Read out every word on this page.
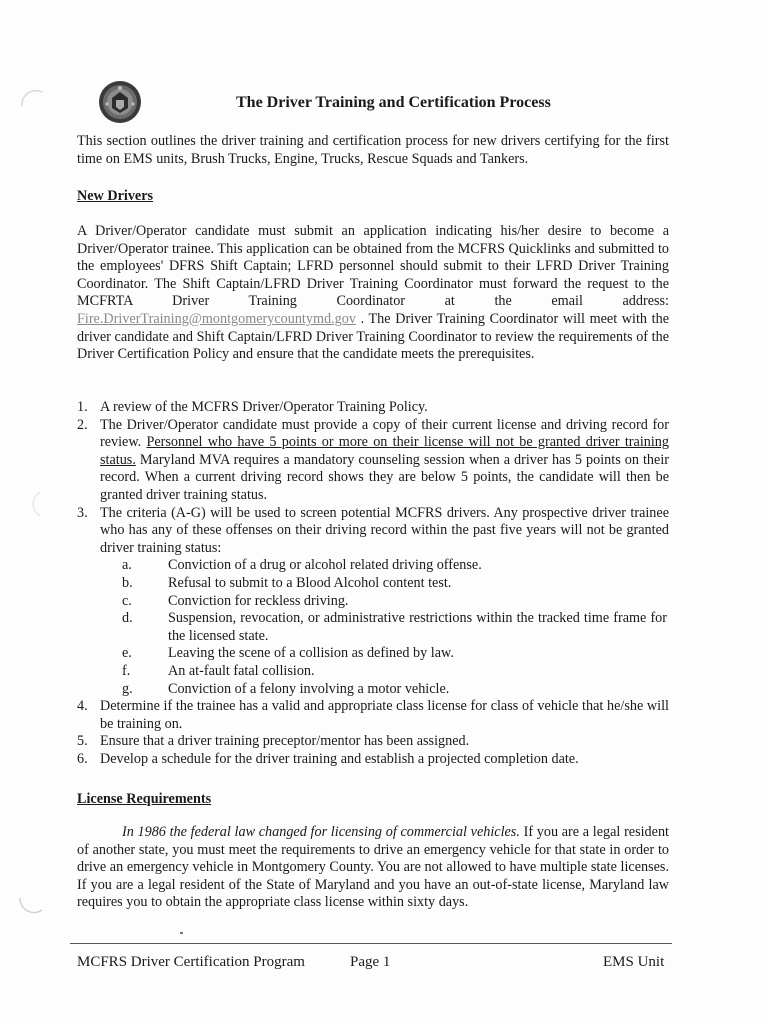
The Driver Training and Certification Process

This section outlines the driver training and certification process for new drivers certifying for the first time on EMS units, Brush Trucks, Engine, Trucks, Rescue Squads and Tankers.

New Drivers

A Driver/Operator candidate must submit an application indicating his/her desire to become a Driver/Operator trainee. This application can be obtained from the MCFRS Quicklinks and submitted to the employees' DFRS Shift Captain; LFRD personnel should submit to their LFRD Driver Training Coordinator. The Shift Captain/LFRD Driver Training Coordinator must forward the request to the MCFRTA Driver Training Coordinator at the email address: Fire.DriverTraining@montgomerycountymd.gov . The Driver Training Coordinator will meet with the driver candidate and Shift Captain/LFRD Driver Training Coordinator to review the requirements of the Driver Certification Policy and ensure that the candidate meets the prerequisites.

1. A review of the MCFRS Driver/Operator Training Policy.
2. The Driver/Operator candidate must provide a copy of their current license and driving record for review. Personnel who have 5 points or more on their license will not be granted driver training status. Maryland MVA requires a mandatory counseling session when a driver has 5 points on their record. When a current driving record shows they are below 5 points, the candidate will then be granted driver training status.
3. The criteria (A-G) will be used to screen potential MCFRS drivers. Any prospective driver trainee who has any of these offenses on their driving record within the past five years will not be granted driver training status:
a.	Conviction of a drug or alcohol related driving offense.
b. Refusal to submit to a Blood Alcohol content test.
c.	Conviction for reckless driving.
d. Suspension, revocation, or administrative restrictions within the tracked time frame for the licensed state.
e.	Leaving the scene of a collision as defined by law.
f.	An at-fault fatal collision.
g. Conviction of a felony involving a motor vehicle.
4. Determine if the trainee has a valid and appropriate class license for class of vehicle that he/she will be training on.
5. Ensure that a driver training preceptor/mentor has been assigned.
6. Develop a schedule for the driver training and establish a projected completion date.
License Requirements

In 1986 the federal law changed for licensing of commercial vehicles. If you are a legal resident of another state, you must meet the requirements to drive an emergency vehicle for that state in order to drive an emergency vehicle in Montgomery County. You are not allowed to have multiple state licenses. If you are a legal resident of the State of Maryland and you have an out-of-state license, Maryland law requires you to obtain the appropriate class license within sixty days.

MCFRS Driver Certification Program	Page 1	EMS Unit
